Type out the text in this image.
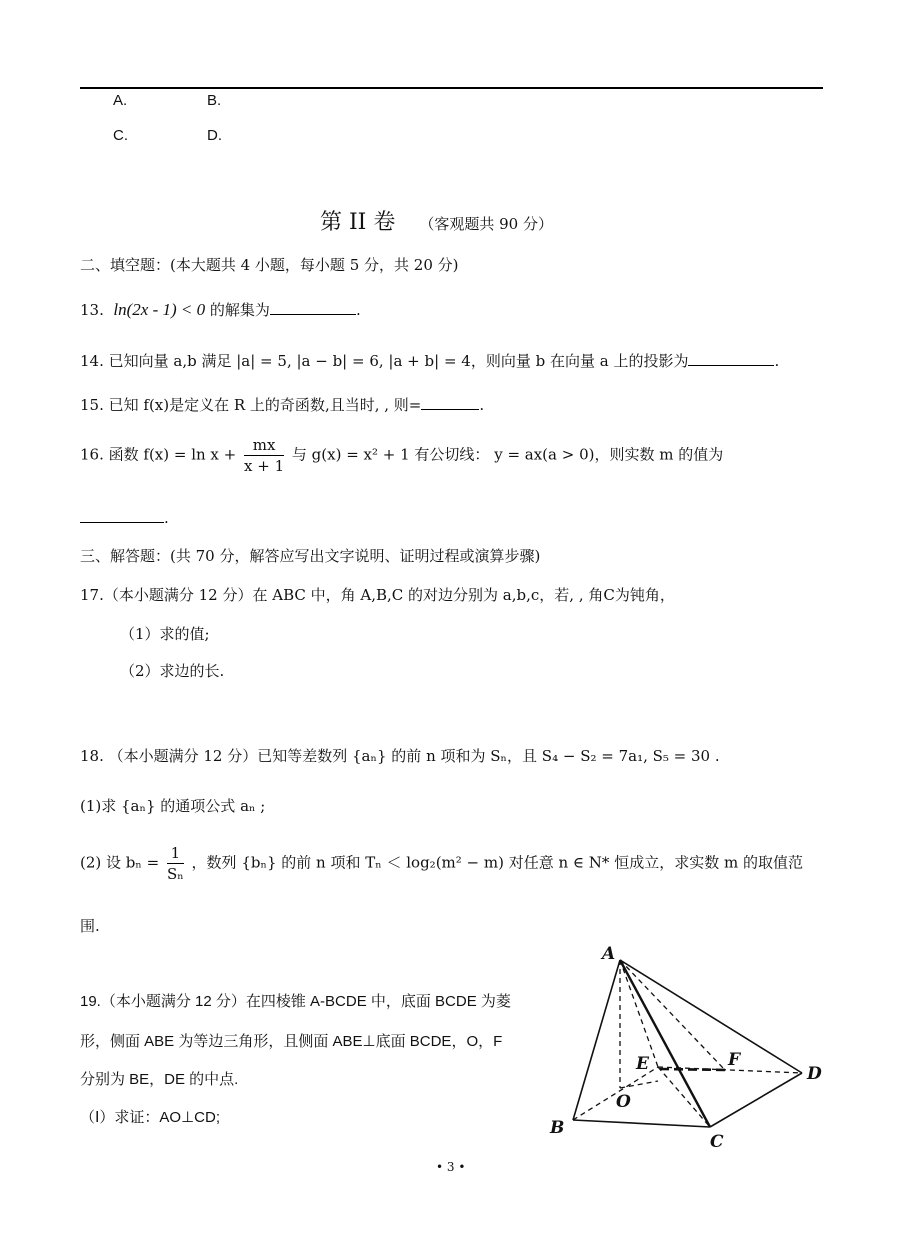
A.	B.
C.	D.
第 II 卷 （客观题共 90 分）
二、填空题：(本大题共 4 小题，每小题 5 分，共 20 分)
13. ln(2x - 1) < 0 的解集为	.
14. 已知向量 a,b 满足 |a| = 5, |a − b| = 6, |a + b| = 4，则向量 b 在向量 a 上的投影为	.
15. 已知 f(x)是定义在 R 上的奇函数,且当时, , 则=	.
16. 函数 $f(x) = \ln x + \frac{mx}{x + 1}$ 与 g(x) = x² + 1 有公切线： y = ax(a > 0)，则实数 m 的值为
.
三、解答题：(共 70 分，解答应写出文字说明、证明过程或演算步骤)
17.（本小题满分 12 分）在 ABC 中，角 A,B,C 的对边分别为 a,b,c，若, , 角C为钝角，
（1）求的值;
（2）求边的长.
18. （本小题满分 12 分）已知等差数列 {aₙ} 的前 n 项和为 Sₙ，且 S₄ − S₂ = 7a₁, S₅ = 30 .
(1)求 {aₙ} 的通项公式 aₙ ;
(2) 设 $b_n = \frac{1}{\text{Sₙ}}$ ，数列 {bₙ} 的前 n 项和 Tₙ ＜ log₂(m² − m) 对任意 n ∈ N* 恒成立，求实数 m 的取值范
围.
19.（本小题满分 12 分）在四棱锥 A-BCDE 中，底面 BCDE 为菱
形，侧面 ABE 为等边三角形，且侧面 ABE⊥底面 BCDE，O，F
分别为 BE，DE 的中点.
（Ⅰ）求证：AO⊥CD;
A
B
C
D
E	F
O
• 3 •
